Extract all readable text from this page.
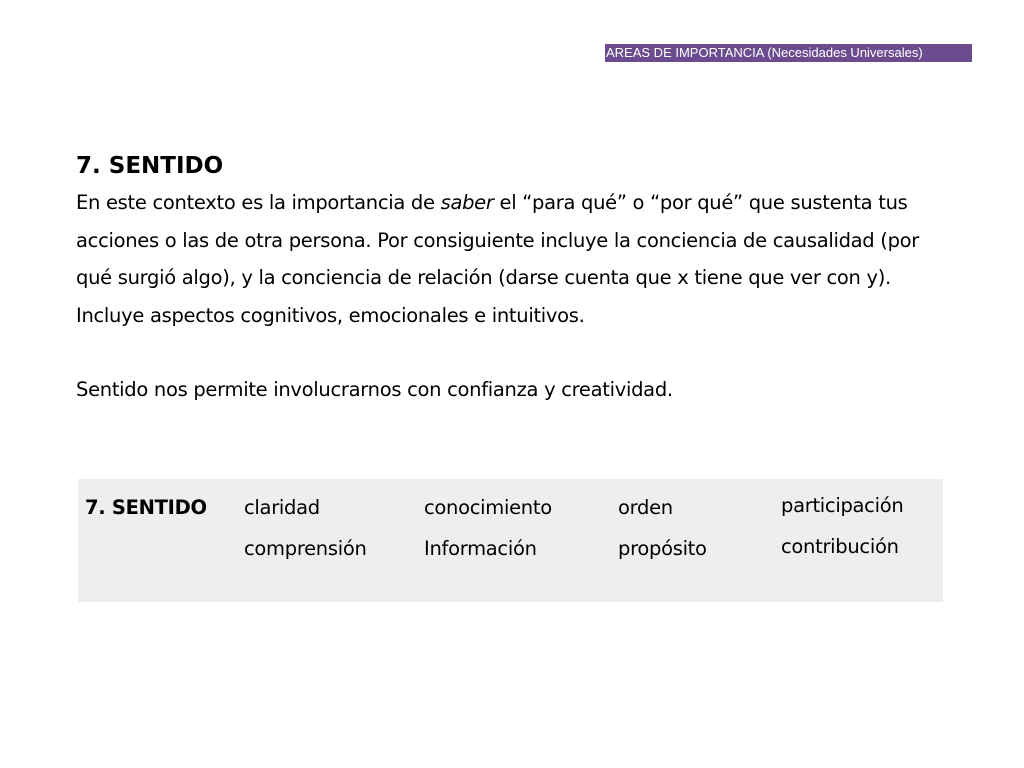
AREAS DE IMPORTANCIA (Necesidades Universales)
7. SENTIDO

En este contexto es la importancia de saber el “para qué” o “por qué” que sustenta tus acciones o las de otra persona. Por consiguiente incluye la conciencia de causalidad (por qué surgió algo), y la conciencia de relación (darse cuenta que x tiene que ver con y). Incluye aspectos cognitivos, emocionales e intuitivos.

Sentido nos permite involucrarnos con confianza y creatividad.

7. SENTIDO claridad
comprensión
conocimiento
Información
orden
propósito
participación
contribución
